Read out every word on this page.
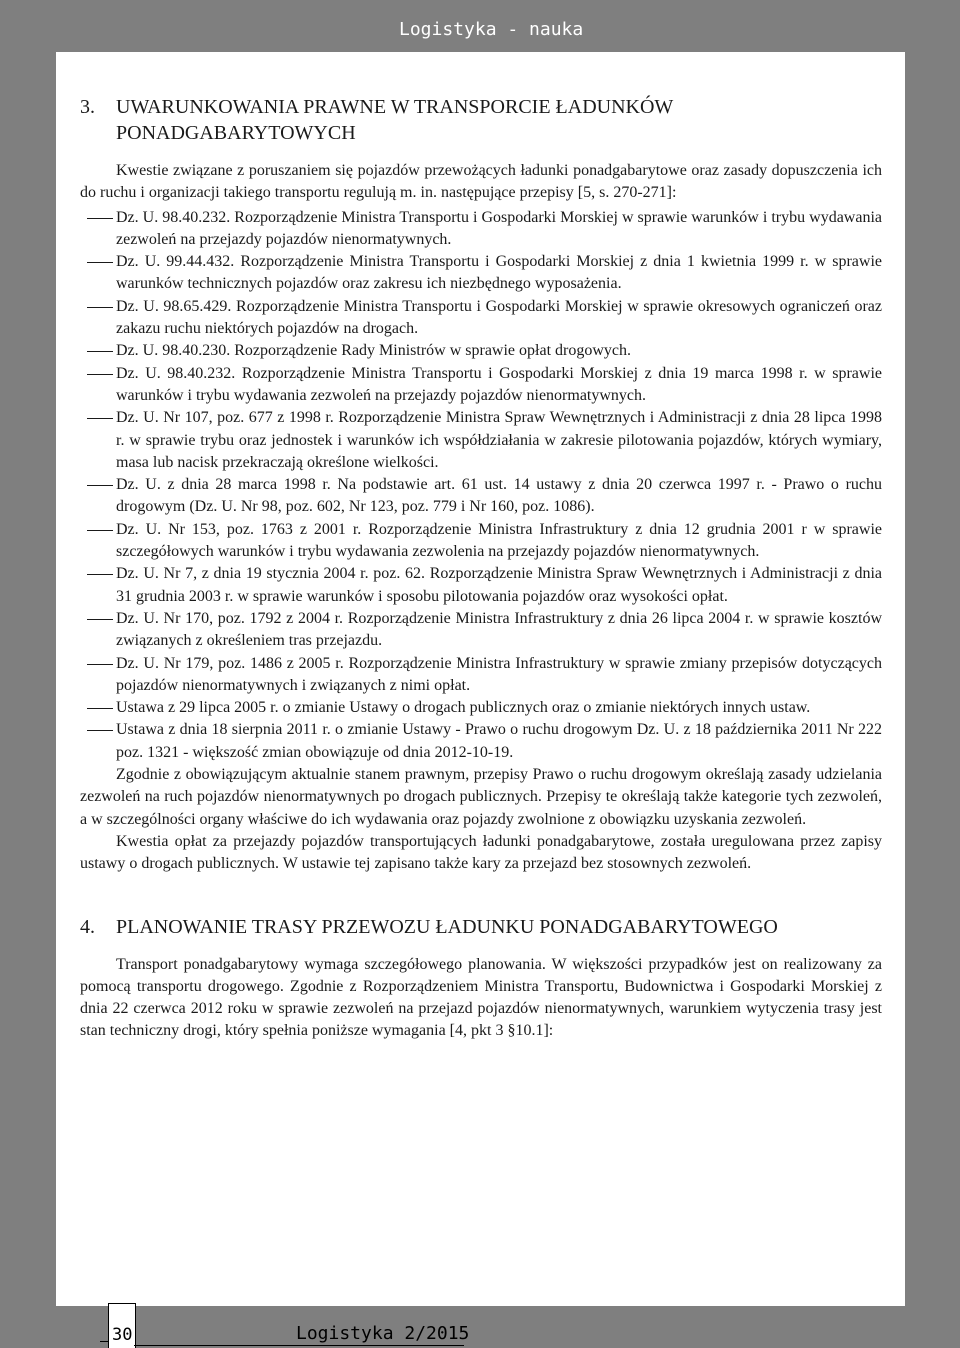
Logistyka - nauka
3.	UWARUNKOWANIA PRAWNE W TRANSPORCIE ŁADUNKÓW PONADGABARYTOWYCH

Kwestie związane z poruszaniem się pojazdów przewożących ładunki ponadgabarytowe oraz zasady dopuszczenia ich do ruchu i organizacji takiego transportu regulują m. in. następujące przepisy [5, s. 270-271]:

Dz. U. 98.40.232. Rozporządzenie Ministra Transportu i Gospodarki Morskiej w sprawie warunków i trybu wydawania zezwoleń na przejazdy pojazdów nienormatywnych.
Dz. U. 99.44.432. Rozporządzenie Ministra Transportu i Gospodarki Morskiej z dnia 1 kwietnia 1999 r. w sprawie warunków technicznych pojazdów oraz zakresu ich niezbędnego wyposażenia.
Dz. U. 98.65.429. Rozporządzenie Ministra Transportu i Gospodarki Morskiej w sprawie okresowych ograniczeń oraz zakazu ruchu niektórych pojazdów na drogach.
Dz. U. 98.40.230. Rozporządzenie Rady Ministrów w sprawie opłat drogowych.
Dz. U. 98.40.232. Rozporządzenie Ministra Transportu i Gospodarki Morskiej z dnia 19 marca 1998 r. w sprawie warunków i trybu wydawania zezwoleń na przejazdy pojazdów nienormatywnych.
Dz. U. Nr 107, poz. 677 z 1998 r. Rozporządzenie Ministra Spraw Wewnętrznych i Administracji z dnia 28 lipca 1998 r. w sprawie trybu oraz jednostek i warunków ich współdziałania w zakresie pilotowania pojazdów, których wymiary, masa lub nacisk przekraczają określone wielkości.
Dz. U. z dnia 28 marca 1998 r. Na podstawie art. 61 ust. 14 ustawy z dnia 20 czerwca 1997 r. - Prawo o ruchu drogowym (Dz. U. Nr 98, poz. 602, Nr 123, poz. 779 i Nr 160, poz. 1086).
Dz. U. Nr 153, poz. 1763 z 2001 r. Rozporządzenie Ministra Infrastruktury z dnia 12 grudnia 2001 r w sprawie szczegółowych warunków i trybu wydawania zezwolenia na przejazdy pojazdów nienormatywnych.
Dz. U. Nr 7, z dnia 19 stycznia 2004 r. poz. 62. Rozporządzenie Ministra Spraw Wewnętrznych i Administracji z dnia 31 grudnia 2003 r. w sprawie warunków i sposobu pilotowania pojazdów oraz wysokości opłat.
Dz. U. Nr 170, poz. 1792 z 2004 r. Rozporządzenie Ministra Infrastruktury z dnia 26 lipca 2004 r. w sprawie kosztów związanych z określeniem tras przejazdu.
Dz. U. Nr 179, poz. 1486 z 2005 r. Rozporządzenie Ministra Infrastruktury w sprawie zmiany przepisów dotyczących pojazdów nienormatywnych i związanych z nimi opłat.
Ustawa z 29 lipca 2005 r. o zmianie Ustawy o drogach publicznych oraz o zmianie niektórych innych ustaw.
Ustawa z dnia 18 sierpnia 2011 r. o zmianie Ustawy - Prawo o ruchu drogowym Dz. U. z 18 października 2011 Nr 222 poz. 1321 - większość zmian obowiązuje od dnia 2012-10-19.

Zgodnie z obowiązującym aktualnie stanem prawnym, przepisy Prawo o ruchu drogowym określają zasady udzielania zezwoleń na ruch pojazdów nienormatywnych po drogach publicznych. Przepisy te określają także kategorie tych zezwoleń, a w szczególności organy właściwe do ich wydawania oraz pojazdy zwolnione z obowiązku uzyskania zezwoleń.

Kwestia opłat za przejazdy pojazdów transportujących ładunki ponadgabarytowe, została uregulowana przez zapisy ustawy o drogach publicznych. W ustawie tej zapisano także kary za przejazd bez stosownych zezwoleń.

4.	PLANOWANIE TRASY PRZEWOZU ŁADUNKU PONADGABARYTOWEGO

Transport ponadgabarytowy wymaga szczegółowego planowania. W większości przypadków jest on realizowany za pomocą transportu drogowego. Zgodnie z Rozporządzeniem Ministra Transportu, Budownictwa i Gospodarki Morskiej z dnia 22 czerwca 2012 roku w sprawie zezwoleń na przejazd pojazdów nienormatywnych, warunkiem wytyczenia trasy jest stan techniczny drogi, który spełnia poniższe wymagania [4, pkt 3 §10.1]:

30	Logistyka 2/2015
